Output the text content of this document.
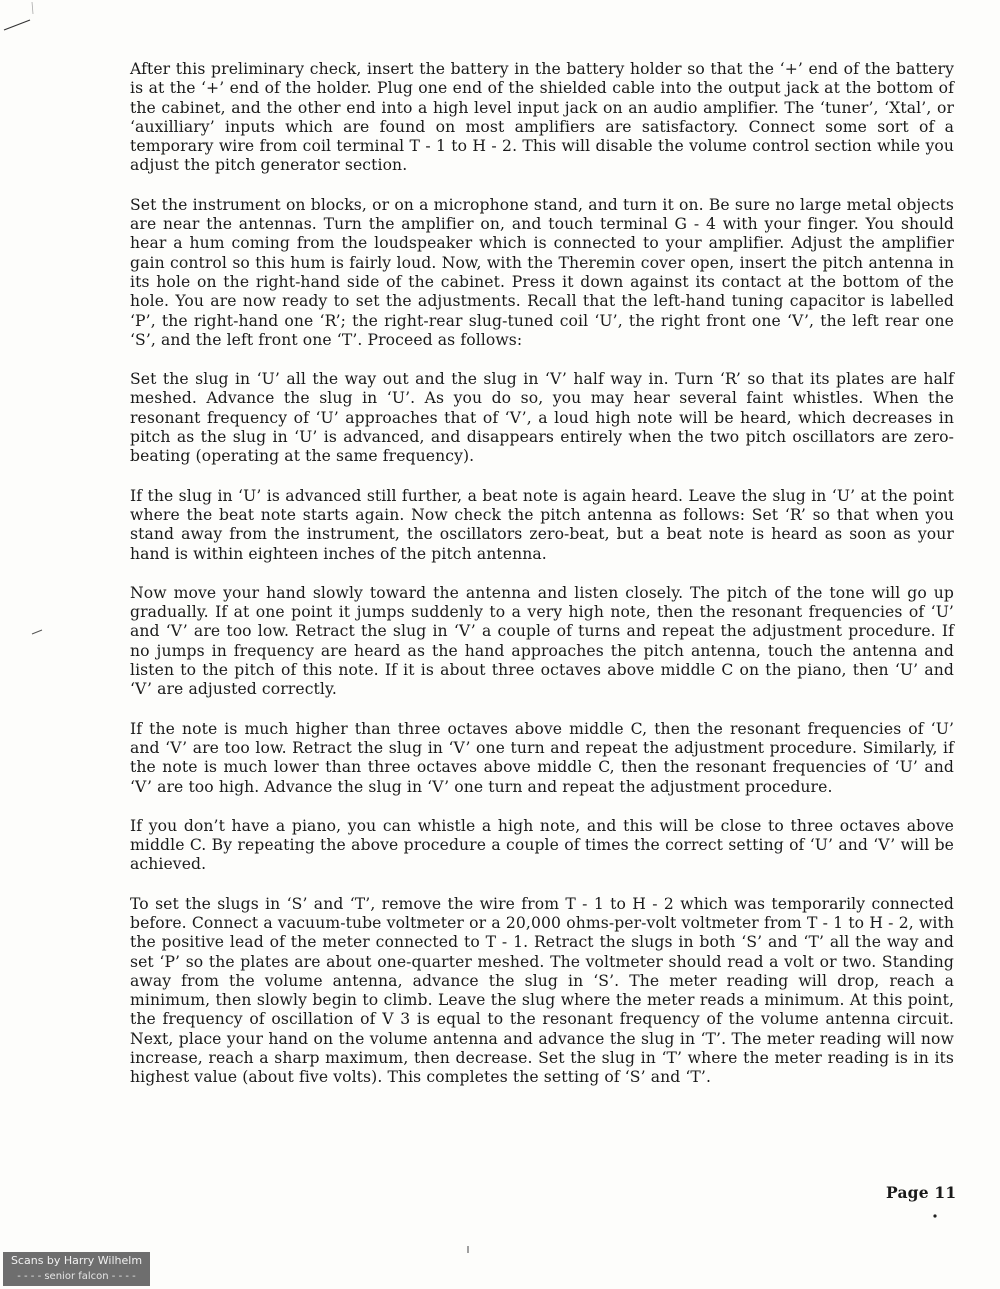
After this preliminary check, insert the battery in the battery holder so that the ‘+’ end of the battery is at the ‘+’ end of the holder. Plug one end of the shielded cable into the output jack at the bottom of the cabinet, and the other end into a high level input jack on an audio amplifier. The ‘tuner’, ‘Xtal’, or ‘auxilliary’ inputs which are found on most amplifiers are satisfactory. Connect some sort of a temporary wire from coil terminal T - 1 to H - 2. This will disable the volume control section while you adjust the pitch generator section.

Set the instrument on blocks, or on a microphone stand, and turn it on. Be sure no large metal objects are near the antennas. Turn the amplifier on, and touch terminal G - 4 with your finger. You should hear a hum coming from the loudspeaker which is connected to your amplifier. Adjust the amplifier gain control so this hum is fairly loud. Now, with the Theremin cover open, insert the pitch antenna in its hole on the right-hand side of the cabinet. Press it down against its contact at the bottom of the hole. You are now ready to set the adjustments. Recall that the left-hand tuning capacitor is labelled ‘P’, the right-hand one ‘R’; the right-rear slug-tuned coil ‘U’, the right front one ‘V’, the left rear one ‘S’, and the left front one ‘T’. Proceed as follows:

Set the slug in ‘U’ all the way out and the slug in ‘V’ half way in. Turn ‘R’ so that its plates are half meshed. Advance the slug in ‘U’. As you do so, you may hear several faint whistles. When the resonant frequency of ‘U’ approaches that of ‘V’, a loud high note will be heard, which decreases in pitch as the slug in ‘U’ is advanced, and disappears entirely when the two pitch oscillators are zero-beating (operating at the same frequency).

If the slug in ‘U’ is advanced still further, a beat note is again heard. Leave the slug in ‘U’ at the point where the beat note starts again. Now check the pitch antenna as follows: Set ‘R’ so that when you stand away from the instrument, the oscillators zero-beat, but a beat note is heard as soon as your hand is within eighteen inches of the pitch antenna.

Now move your hand slowly toward the antenna and listen closely. The pitch of the tone will go up gradually. If at one point it jumps suddenly to a very high note, then the resonant frequencies of ‘U’ and ‘V’ are too low. Retract the slug in ‘V’ a couple of turns and repeat the adjustment procedure. If no jumps in frequency are heard as the hand approaches the pitch antenna, touch the antenna and listen to the pitch of this note. If it is about three octaves above middle C on the piano, then ‘U’ and ‘V’ are adjusted correctly.

If the note is much higher than three octaves above middle C, then the resonant frequencies of ‘U’ and ‘V’ are too low. Retract the slug in ‘V’ one turn and repeat the adjustment procedure. Similarly, if the note is much lower than three octaves above middle C, then the resonant frequencies of ‘U’ and ‘V’ are too high. Advance the slug in ‘V’ one turn and repeat the adjustment procedure.

If you don’t have a piano, you can whistle a high note, and this will be close to three octaves above middle C. By repeating the above procedure a couple of times the correct setting of ‘U’ and ‘V’ will be achieved.

To set the slugs in ‘S’ and ‘T’, remove the wire from T - 1 to H - 2 which was temporarily connected before. Connect a vacuum-tube voltmeter or a 20,000 ohms-per-volt voltmeter from T - 1 to H - 2, with the positive lead of the meter connected to T - 1. Retract the slugs in both ‘S’ and ‘T’ all the way and set ‘P’ so the plates are about one-quarter meshed. The voltmeter should read a volt or two. Standing away from the volume antenna, advance the slug in ‘S’. The meter reading will drop, reach a minimum, then slowly begin to climb. Leave the slug where the meter reads a minimum. At this point, the frequency of oscillation of V 3 is equal to the resonant frequency of the volume antenna circuit. Next, place your hand on the volume antenna and advance the slug in ‘T’. The meter reading will now increase, reach a sharp maximum, then decrease. Set the slug in ‘T’ where the meter reading is in its highest value (about five volts). This completes the setting of ‘S’ and ‘T’.

Page 11
Scans by Harry Wilhelm
- - - - senior falcon - - - -
